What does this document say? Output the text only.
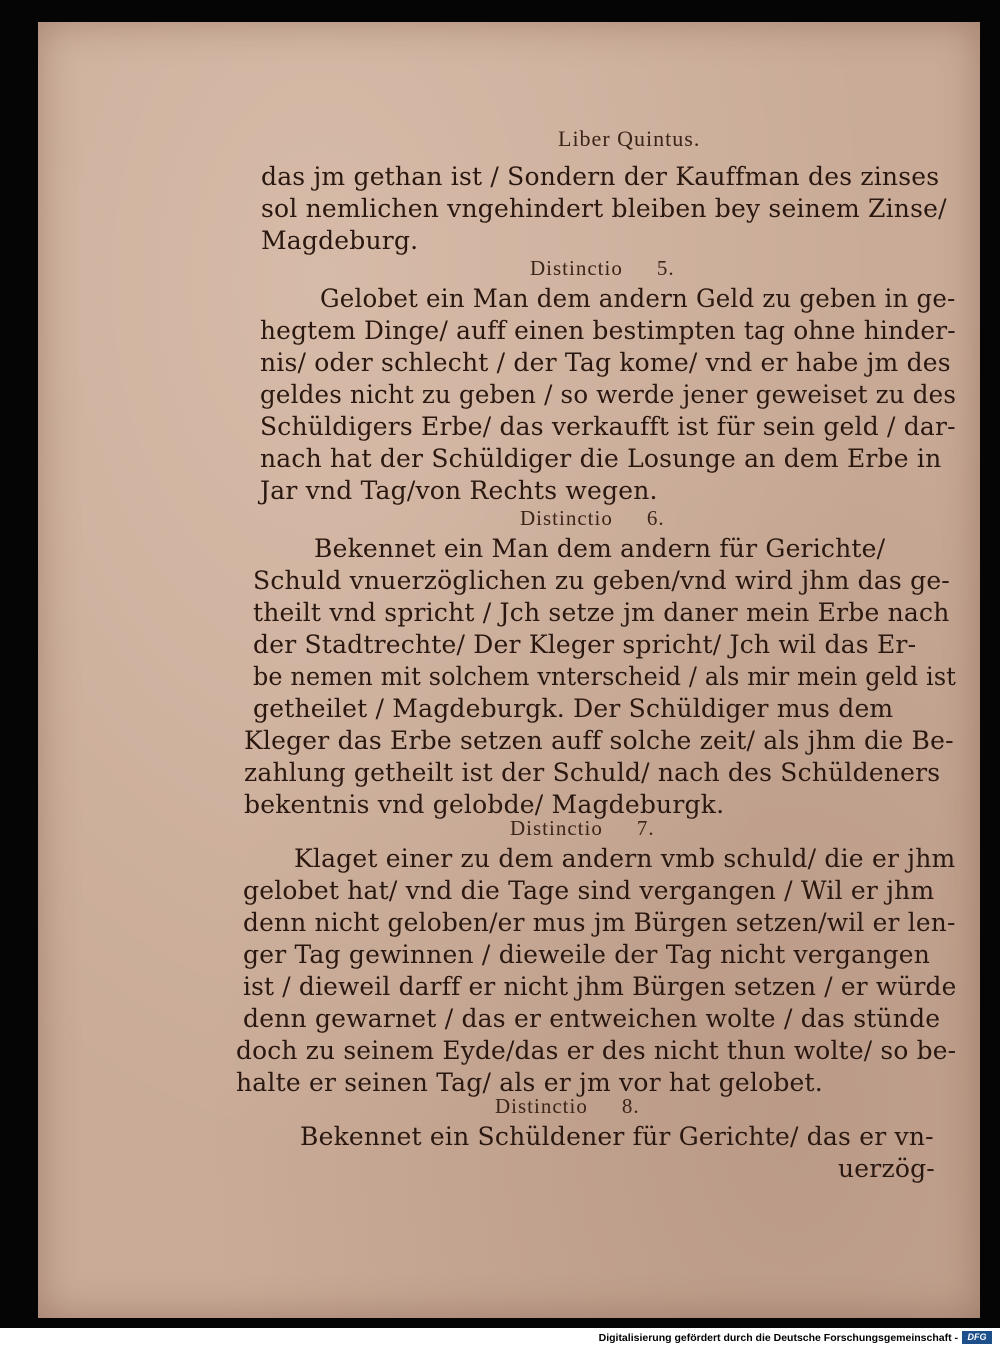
Liber Quintus.
das jm gethan ist / Sondern der Kauffman des zinses
sol nemlichen vngehindert bleiben bey seinem Zinse/
Magdeburg.
Distinctio 5.
Gelobet ein Man dem andern Geld zu geben in ge-
hegtem Dinge/ auff einen bestimpten tag ohne hinder-
nis/ oder schlecht / der Tag kome/ vnd er habe jm des
geldes nicht zu geben / so werde jener geweiset zu des
Schüldigers Erbe/ das verkaufft ist für sein geld / dar-
nach hat der Schüldiger die Losunge an dem Erbe in
Jar vnd Tag/von Rechts wegen.
Distinctio 6.
Bekennet ein Man dem andern für Gerichte/
Schuld vnuerzöglichen zu geben/vnd wird jhm das ge-
theilt vnd spricht / Jch setze jm daner mein Erbe nach
der Stadtrechte/ Der Kleger spricht/ Jch wil das Er-
be nemen mit solchem vnterscheid / als mir mein geld ist
getheilet / Magdeburgk. Der Schüldiger mus dem
Kleger das Erbe setzen auff solche zeit/ als jhm die Be-
zahlung getheilt ist der Schuld/ nach des Schüldeners
bekentnis vnd gelobde/ Magdeburgk.
Distinctio 7.
Klaget einer zu dem andern vmb schuld/ die er jhm
gelobet hat/ vnd die Tage sind vergangen / Wil er jhm
denn nicht geloben/er mus jm Bürgen setzen/wil er len-
ger Tag gewinnen / dieweile der Tag nicht vergangen
ist / dieweil darff er nicht jhm Bürgen setzen / er würde
denn gewarnet / das er entweichen wolte / das stünde
doch zu seinem Eyde/das er des nicht thun wolte/ so be-
halte er seinen Tag/ als er jm vor hat gelobet.
Distinctio 8.
Bekennet ein Schüldener für Gerichte/ das er vn-
uerzög-
Digitalisierung gefördert durch die Deutsche Forschungsgemeinschaft -	DFG
